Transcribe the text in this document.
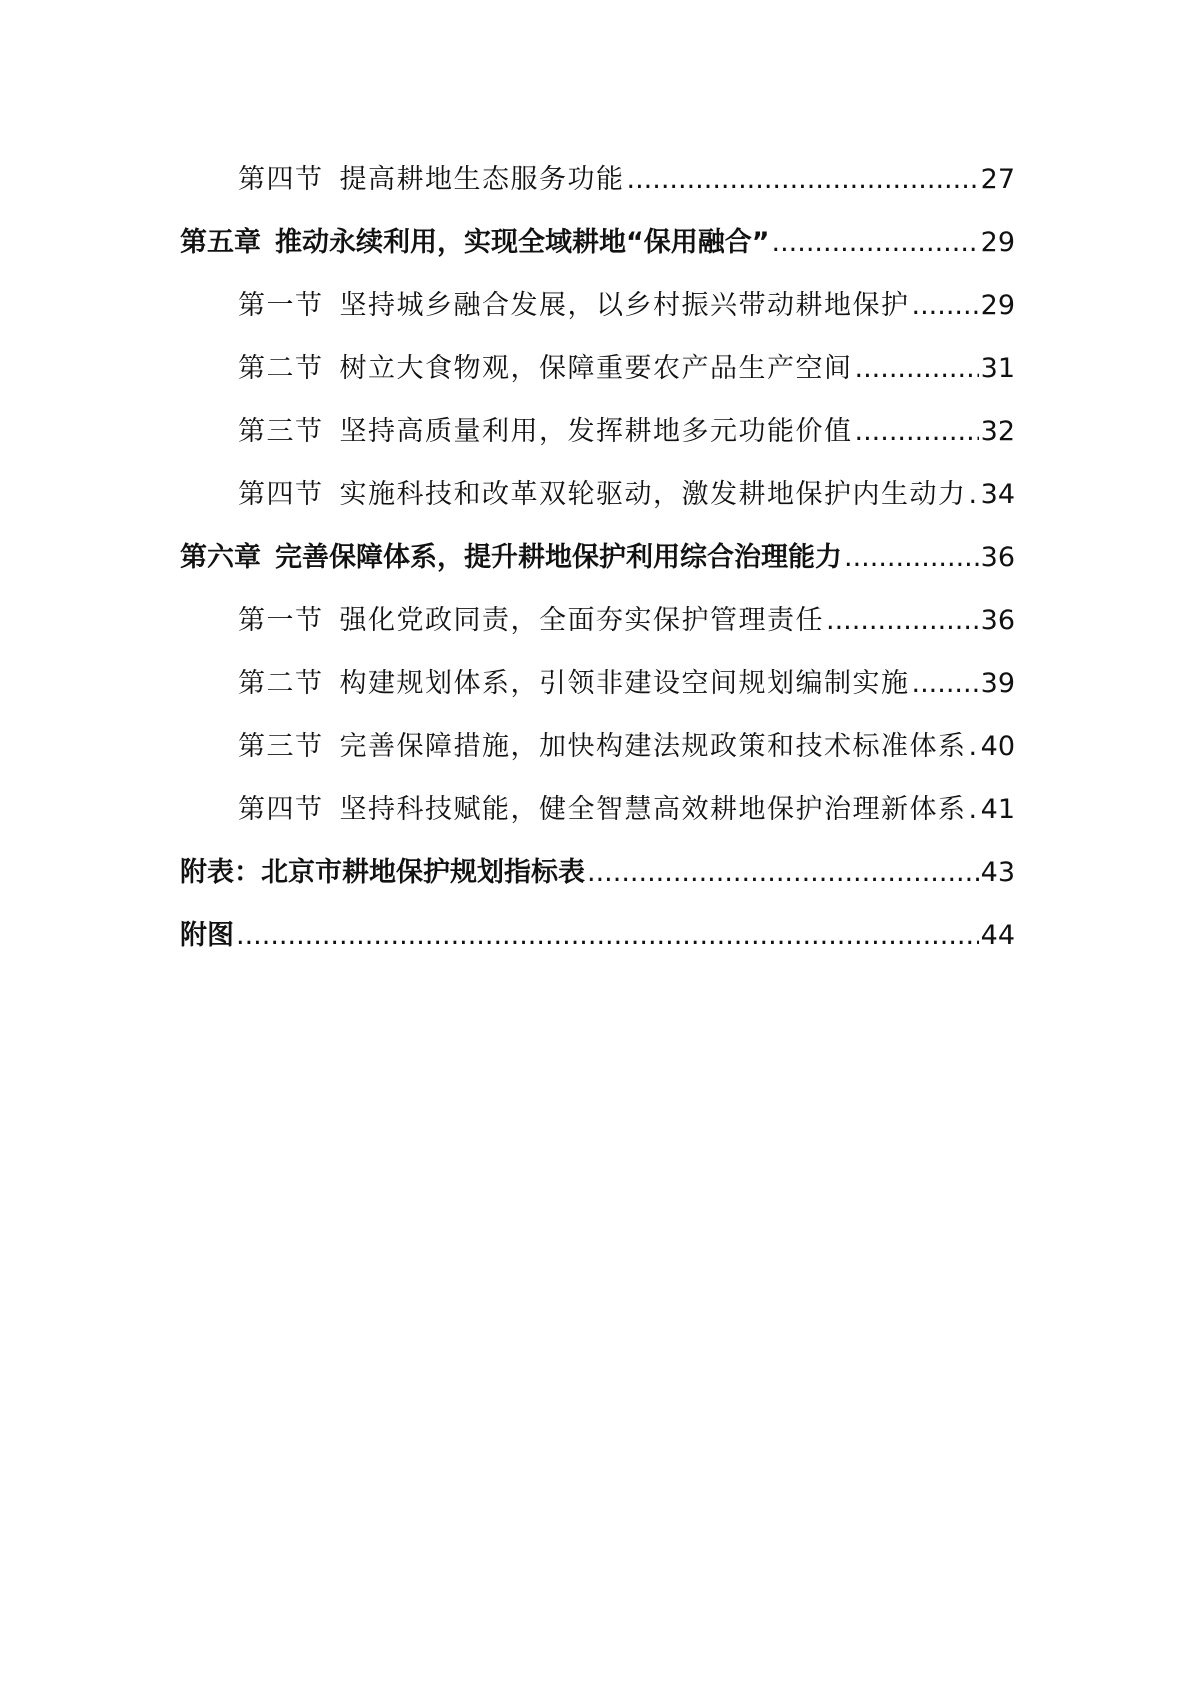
第四节 提高耕地生态服务功能 .....	27
第五章 推动永续利用，实现全域耕地“保用融合” .....	29
第一节 坚持城乡融合发展，以乡村振兴带动耕地保护 .....	29
第二节 树立大食物观，保障重要农产品生产空间 .....	31
第三节 坚持高质量利用，发挥耕地多元功能价值 .....	32
第四节 实施科技和改革双轮驱动，激发耕地保护内生动力 ..... 34
第六章 完善保障体系，提升耕地保护利用综合治理能力 .....	36
第一节 强化党政同责，全面夯实保护管理责任 .....	36
第二节 构建规划体系，引领非建设空间规划编制实施 .....	39
第三节 完善保障措施，加快构建法规政策和技术标准体系 ..... 40
第四节 坚持科技赋能，健全智慧高效耕地保护治理新体系 ..... 41
附表：北京市耕地保护规划指标表 .....	43
附图 .....	44
